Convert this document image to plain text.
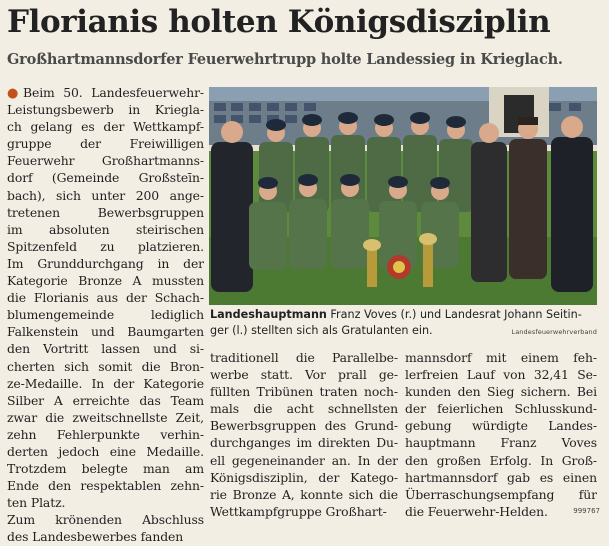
Florianis holten Königsdisziplin
Großhartmannsdorfer Feuerwehrtrupp holte Landessieg in Krieglach.
●Beim 50. Landesfeuerwehr-
Leistungsbewerb in Kriegla-
ch gelang es der Wettkampf-
gruppe der Freiwilligen
Feuerwehr Großhartmanns-
dorf (Gemeinde Großsteīn-
bach), sich unter 200 ange-
tretenen Bewerbsgruppen
im absoluten steirischen
Spitzenfeld zu platzieren.
Im Grunddurchgang in der
Kategorie Bronze A mussten
die Florianis aus der Schach-
blumengemeinde lediglich
Falkenstein und Baumgarten
den Vortritt lassen und si-
cherten sich somit die Bron-
ze-Medaille. In der Kategorie
Silber A erreichte das Team
zwar die zweitschnellste Zeit,
zehn Fehlerpunkte verhin-
derten jedoch eine Medaille.
Trotzdem belegte man am
Ende den respektablen zehn-
ten Platz.
Zum krönenden Abschluss
des Landesbewerbes fanden
Landeshauptmann Franz Voves (r.) und Landesrat Johann Seitin-
ger (l.) stellten sich als Gratulanten ein.	Landesfeuerwehrverband
traditionell die Parallelbe-
werbe statt. Vor prall ge-
füllten Tribünen traten noch-
mals die acht schnellsten
Bewerbsgruppen des Grund-
durchganges im direkten Du-
ell gegeneinander an. In der
Königsdisziplin, der Katego-
rie Bronze A, konnte sich die
Wettkampfgruppe Großhart-
mannsdorf mit einem feh-
lerfreien Lauf von 32,41 Se-
kunden den Sieg sichern. Bei
der feierlichen Schlusskund-
gebung würdigte Landes-
hauptmann Franz Voves
den großen Erfolg. In Groß-
hartmannsdorf gab es einen
Überraschungsempfang für
die Feuerwehr-Helden.	999767
